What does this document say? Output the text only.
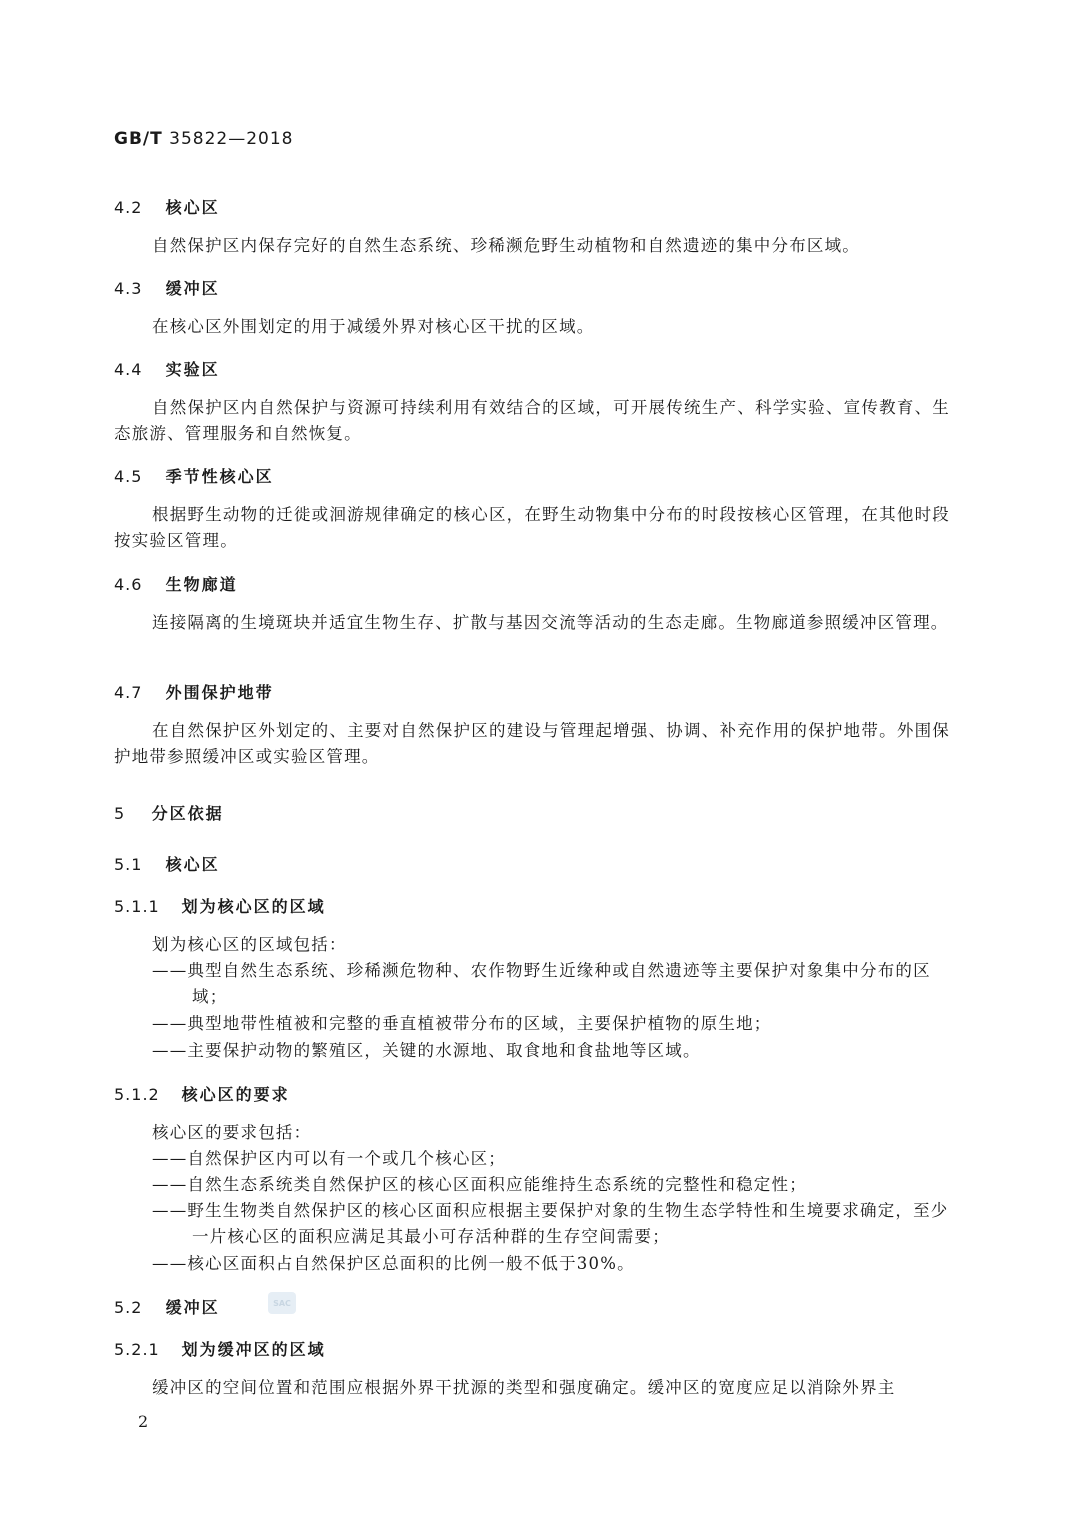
GB/T 35822—2018
4.2 核心区
自然保护区内保存完好的自然生态系统、珍稀濒危野生动植物和自然遗迹的集中分布区域。
4.3 缓冲区
在核心区外围划定的用于减缓外界对核心区干扰的区域。
4.4 实验区
自然保护区内自然保护与资源可持续利用有效结合的区域，可开展传统生产、科学实验、宣传教育、生态旅游、管理服务和自然恢复。
4.5 季节性核心区
根据野生动物的迁徙或洄游规律确定的核心区，在野生动物集中分布的时段按核心区管理，在其他时段按实验区管理。
4.6 生物廊道
连接隔离的生境斑块并适宜生物生存、扩散与基因交流等活动的生态走廊。生物廊道参照缓冲区管理。
4.7 外围保护地带
在自然保护区外划定的、主要对自然保护区的建设与管理起增强、协调、补充作用的保护地带。外围保护地带参照缓冲区或实验区管理。
5 分区依据
5.1 核心区
5.1.1 划为核心区的区域
划为核心区的区域包括：
——典型自然生态系统、珍稀濒危物种、农作物野生近缘种或自然遗迹等主要保护对象集中分布的区域；
——典型地带性植被和完整的垂直植被带分布的区域，主要保护植物的原生地；
——主要保护动物的繁殖区，关键的水源地、取食地和食盐地等区域。
5.1.2 核心区的要求
核心区的要求包括：
——自然保护区内可以有一个或几个核心区；
——自然生态系统类自然保护区的核心区面积应能维持生态系统的完整性和稳定性；
——野生生物类自然保护区的核心区面积应根据主要保护对象的生物生态学特性和生境要求确定，至少一片核心区的面积应满足其最小可存活种群的生存空间需要；
——核心区面积占自然保护区总面积的比例一般不低于30%。
5.2 缓冲区	SAC
5.2.1 划为缓冲区的区域
缓冲区的空间位置和范围应根据外界干扰源的类型和强度确定。缓冲区的宽度应足以消除外界主
2
